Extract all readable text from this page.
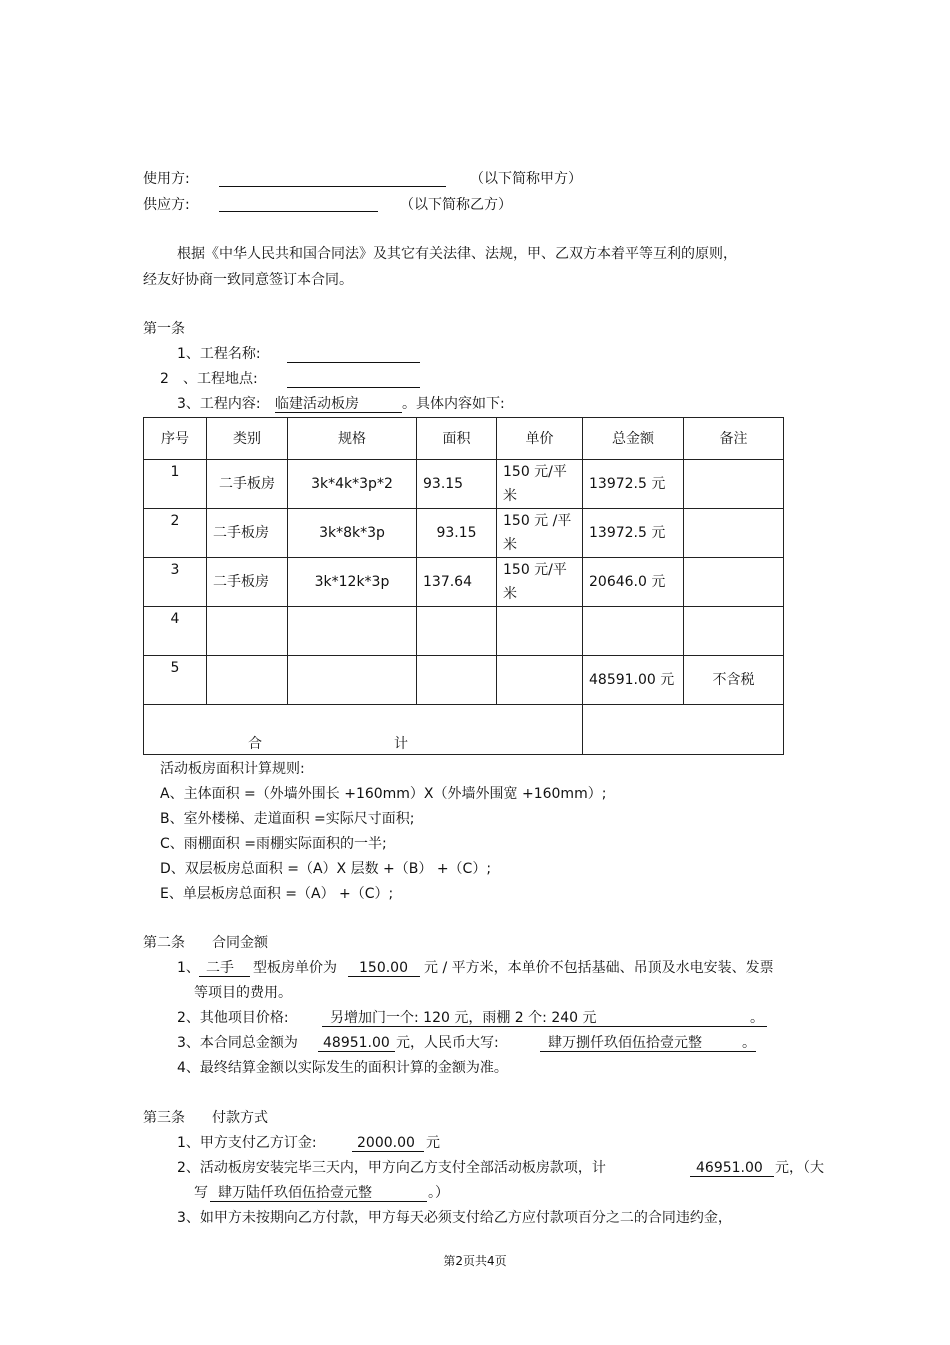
使用方:	（以下简称甲方）
供应方:	（以下简称乙方）
根据《中华人民共和国合同法》及其它有关法律、法规，甲、乙双方本着平等互利的原则，
经友好协商一致同意签订本合同。
第一条
1、工程名称:
2 、工程地点:
3、工程内容: 临建活动板房	。具体内容如下:
序号	类别	规格	面积	单价	总金额	备注
1	二手板房	3k*4k*3p*2	93.15	150 元/平米	13972.5 元	
2	二手板房	3k*8k*3p	93.15	150 元 /平米	13972.5 元	
3	二手板房	3k*12k*3p	137.64	150 元/平米	20646.0 元	
4						
5					48591.00 元	不含税

合 计						

活动板房面积计算规则:
A、主体面积 =（外墙外围长 +160mm）X（外墙外围宽 +160mm）;
B、室外楼梯、走道面积 =实际尺寸面积;
C、雨棚面积 =雨棚实际面积的一半;
D、双层板房总面积 =（A）X 层数 +（B） +（C）;
E、单层板房总面积 =（A） +（C）;
第二条 合同金额
1、 二手 型板房单价为 150.00 元 / 平方米，本单价不包括基础、吊顶及水电安装、发票
等项目的费用。
2、其他项目价格:	另增加门一个: 120 元，雨棚 2 个: 240 元	。
3、本合同总金额为 48951.00 元，人民币大写:	肆万捌仟玖佰伍拾壹元整	。
4、最终结算金额以实际发生的面积计算的金额为准。
第三条 付款方式
1、甲方支付乙方订金:	2000.00 元
2、活动板房安装完毕三天内，甲方向乙方支付全部活动板房款项，计	46951.00 元，（大
写 肆万陆仟玖佰伍拾壹元整	。）
3、如甲方未按期向乙方付款，甲方每天必须支付给乙方应付款项百分之二的合同违约金，
第2页共4页
